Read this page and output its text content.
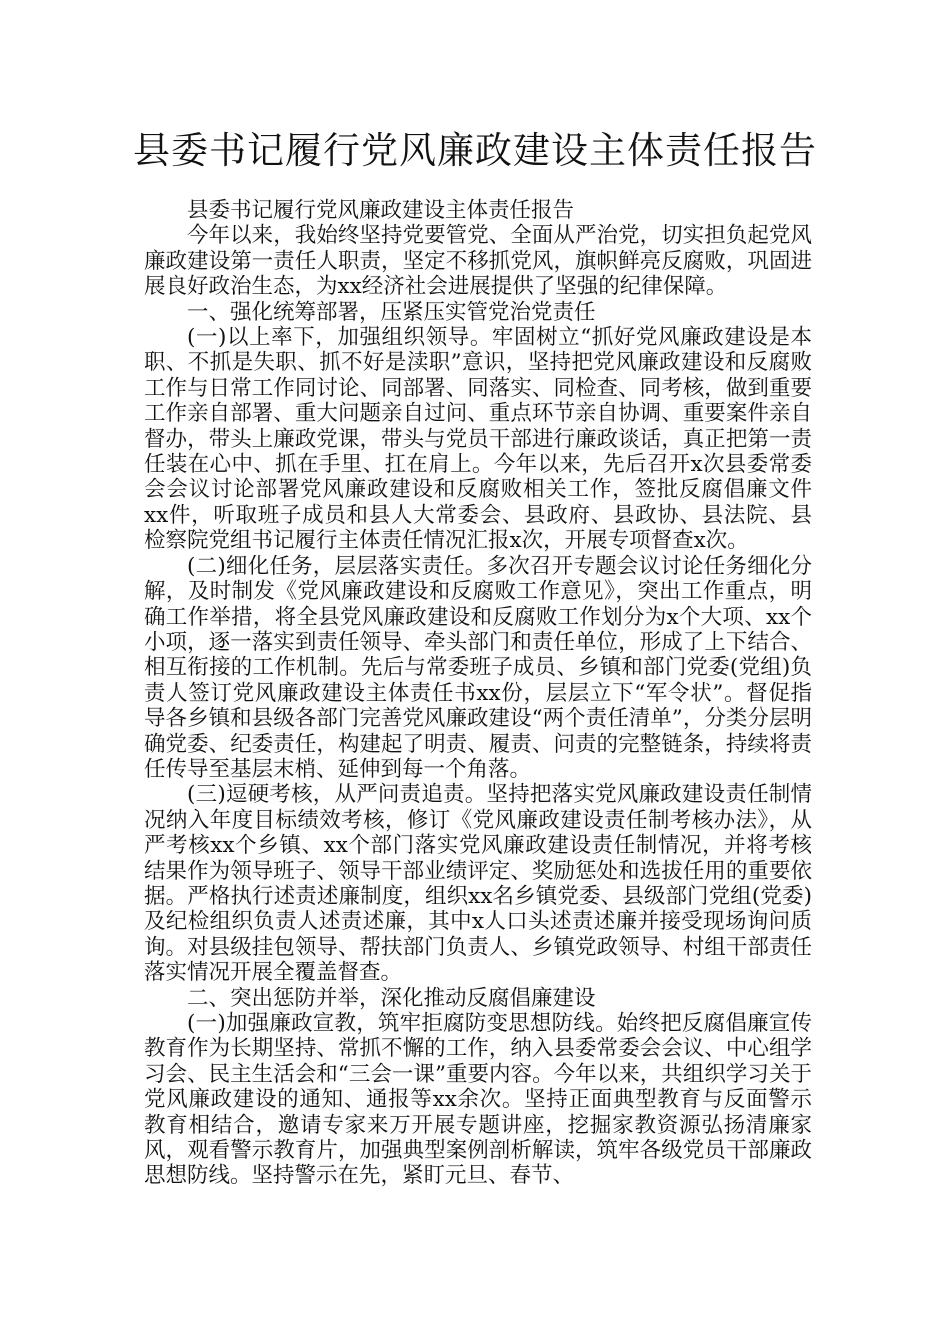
县委书记履行党风廉政建设主体责任报告

县委书记履行党风廉政建设主体责任报告

今年以来，我始终坚持党要管党、全面从严治党，切实担负起党风廉政建设第一责任人职责，坚定不移抓党风，旗帜鲜亮反腐败，巩固进展良好政治生态，为xx经济社会进展提供了坚强的纪律保障。

一、强化统筹部署，压紧压实管党治党责任

(一)以上率下，加强组织领导。牢固树立“抓好党风廉政建设是本职、不抓是失职、抓不好是渎职”意识，坚持把党风廉政建设和反腐败工作与日常工作同讨论、同部署、同落实、同检查、同考核，做到重要工作亲自部署、重大问题亲自过问、重点环节亲自协调、重要案件亲自督办，带头上廉政党课，带头与党员干部进行廉政谈话，真正把第一责任装在心中、抓在手里、扛在肩上。今年以来，先后召开x次县委常委会会议讨论部署党风廉政建设和反腐败相关工作，签批反腐倡廉文件xx件，听取班子成员和县人大常委会、县政府、县政协、县法院、县检察院党组书记履行主体责任情况汇报x次，开展专项督查x次。

(二)细化任务，层层落实责任。多次召开专题会议讨论任务细化分解，及时制发《党风廉政建设和反腐败工作意见》，突出工作重点，明确工作举措，将全县党风廉政建设和反腐败工作划分为x个大项、xx个小项，逐一落实到责任领导、牵头部门和责任单位，形成了上下结合、相互衔接的工作机制。先后与常委班子成员、乡镇和部门党委(党组)负责人签订党风廉政建设主体责任书xx份，层层立下“军令状”。督促指导各乡镇和县级各部门完善党风廉政建设“两个责任清单”，分类分层明确党委、纪委责任，构建起了明责、履责、问责的完整链条，持续将责任传导至基层末梢、延伸到每一个角落。

(三)逗硬考核，从严问责追责。坚持把落实党风廉政建设责任制情况纳入年度目标绩效考核，修订《党风廉政建设责任制考核办法》，从严考核xx个乡镇、xx个部门落实党风廉政建设责任制情况，并将考核结果作为领导班子、领导干部业绩评定、奖励惩处和选拔任用的重要依据。严格执行述责述廉制度，组织xx名乡镇党委、县级部门党组(党委)及纪检组织负责人述责述廉，其中x人口头述责述廉并接受现场询问质询。对县级挂包领导、帮扶部门负责人、乡镇党政领导、村组干部责任落实情况开展全覆盖督查。

二、突出惩防并举，深化推动反腐倡廉建设

(一)加强廉政宣教，筑牢拒腐防变思想防线。始终把反腐倡廉宣传教育作为长期坚持、常抓不懈的工作，纳入县委常委会会议、中心组学习会、民主生活会和“三会一课”重要内容。今年以来，共组织学习关于党风廉政建设的通知、通报等xx余次。坚持正面典型教育与反面警示教育相结合，邀请专家来万开展专题讲座，挖掘家教资源弘扬清廉家风，观看警示教育片，加强典型案例剖析解读，筑牢各级党员干部廉政思想防线。坚持警示在先，紧盯元旦、春节、
